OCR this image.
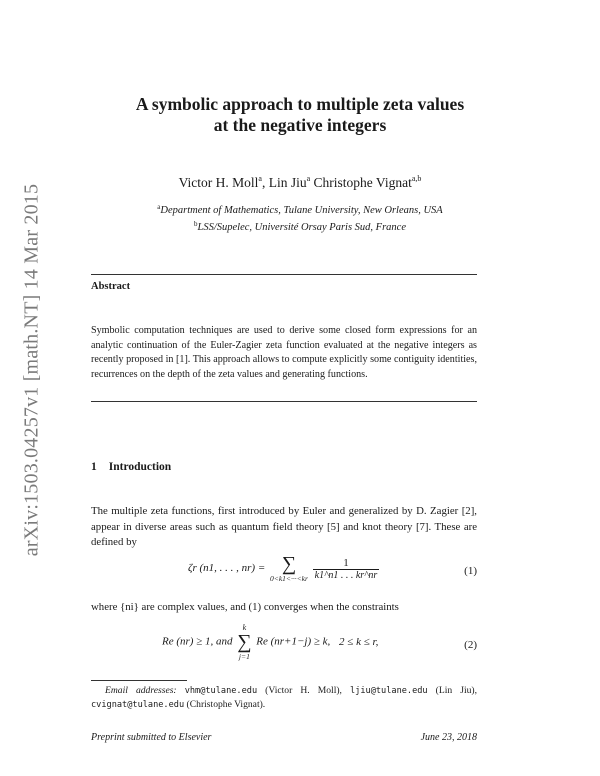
arXiv:1503.04257v1 [math.NT] 14 Mar 2015
A symbolic approach to multiple zeta values
at the negative integers
Victor H. Moll$^a$, Lin Jiu$^a$ Christophe Vignat$^{a,b}$
$^a$Department of Mathematics, Tulane University, New Orleans, USA
$^b$LSS/Supelec, Université Orsay Paris Sud, France
Abstract
Symbolic computation techniques are used to derive some closed form expressions for an analytic continuation of the Euler-Zagier zeta function evaluated at the negative integers as recently proposed in [1]. This approach allows to compute explicitly some contiguity identities, recurrences on the depth of the zeta values and generating functions.
1 Introduction
The multiple zeta functions, first introduced by Euler and generalized by D. Zagier [2], appear in diverse areas such as quantum field theory [5] and knot theory [7]. These are defined by
ζr (n1, . . . , nr) = ∑
0<k1<···<kr
$\frac{1}{k1\^{}n1 . . . kr\^{}nr}$	(1)
where {ni} are complex values, and (1) converges when the constraints
Re (nr) ≥ 1, and
k
∑
j=1
Re (nr+1−j) ≥ k, 2 ≤ k ≤ r,	(2)
Email addresses: vhm@tulane.edu (Victor H. Moll), ljiu@tulane.edu (Lin Jiu), cvignat@tulane.edu (Christophe Vignat).
Preprint submitted to Elsevier	June 23, 2018
